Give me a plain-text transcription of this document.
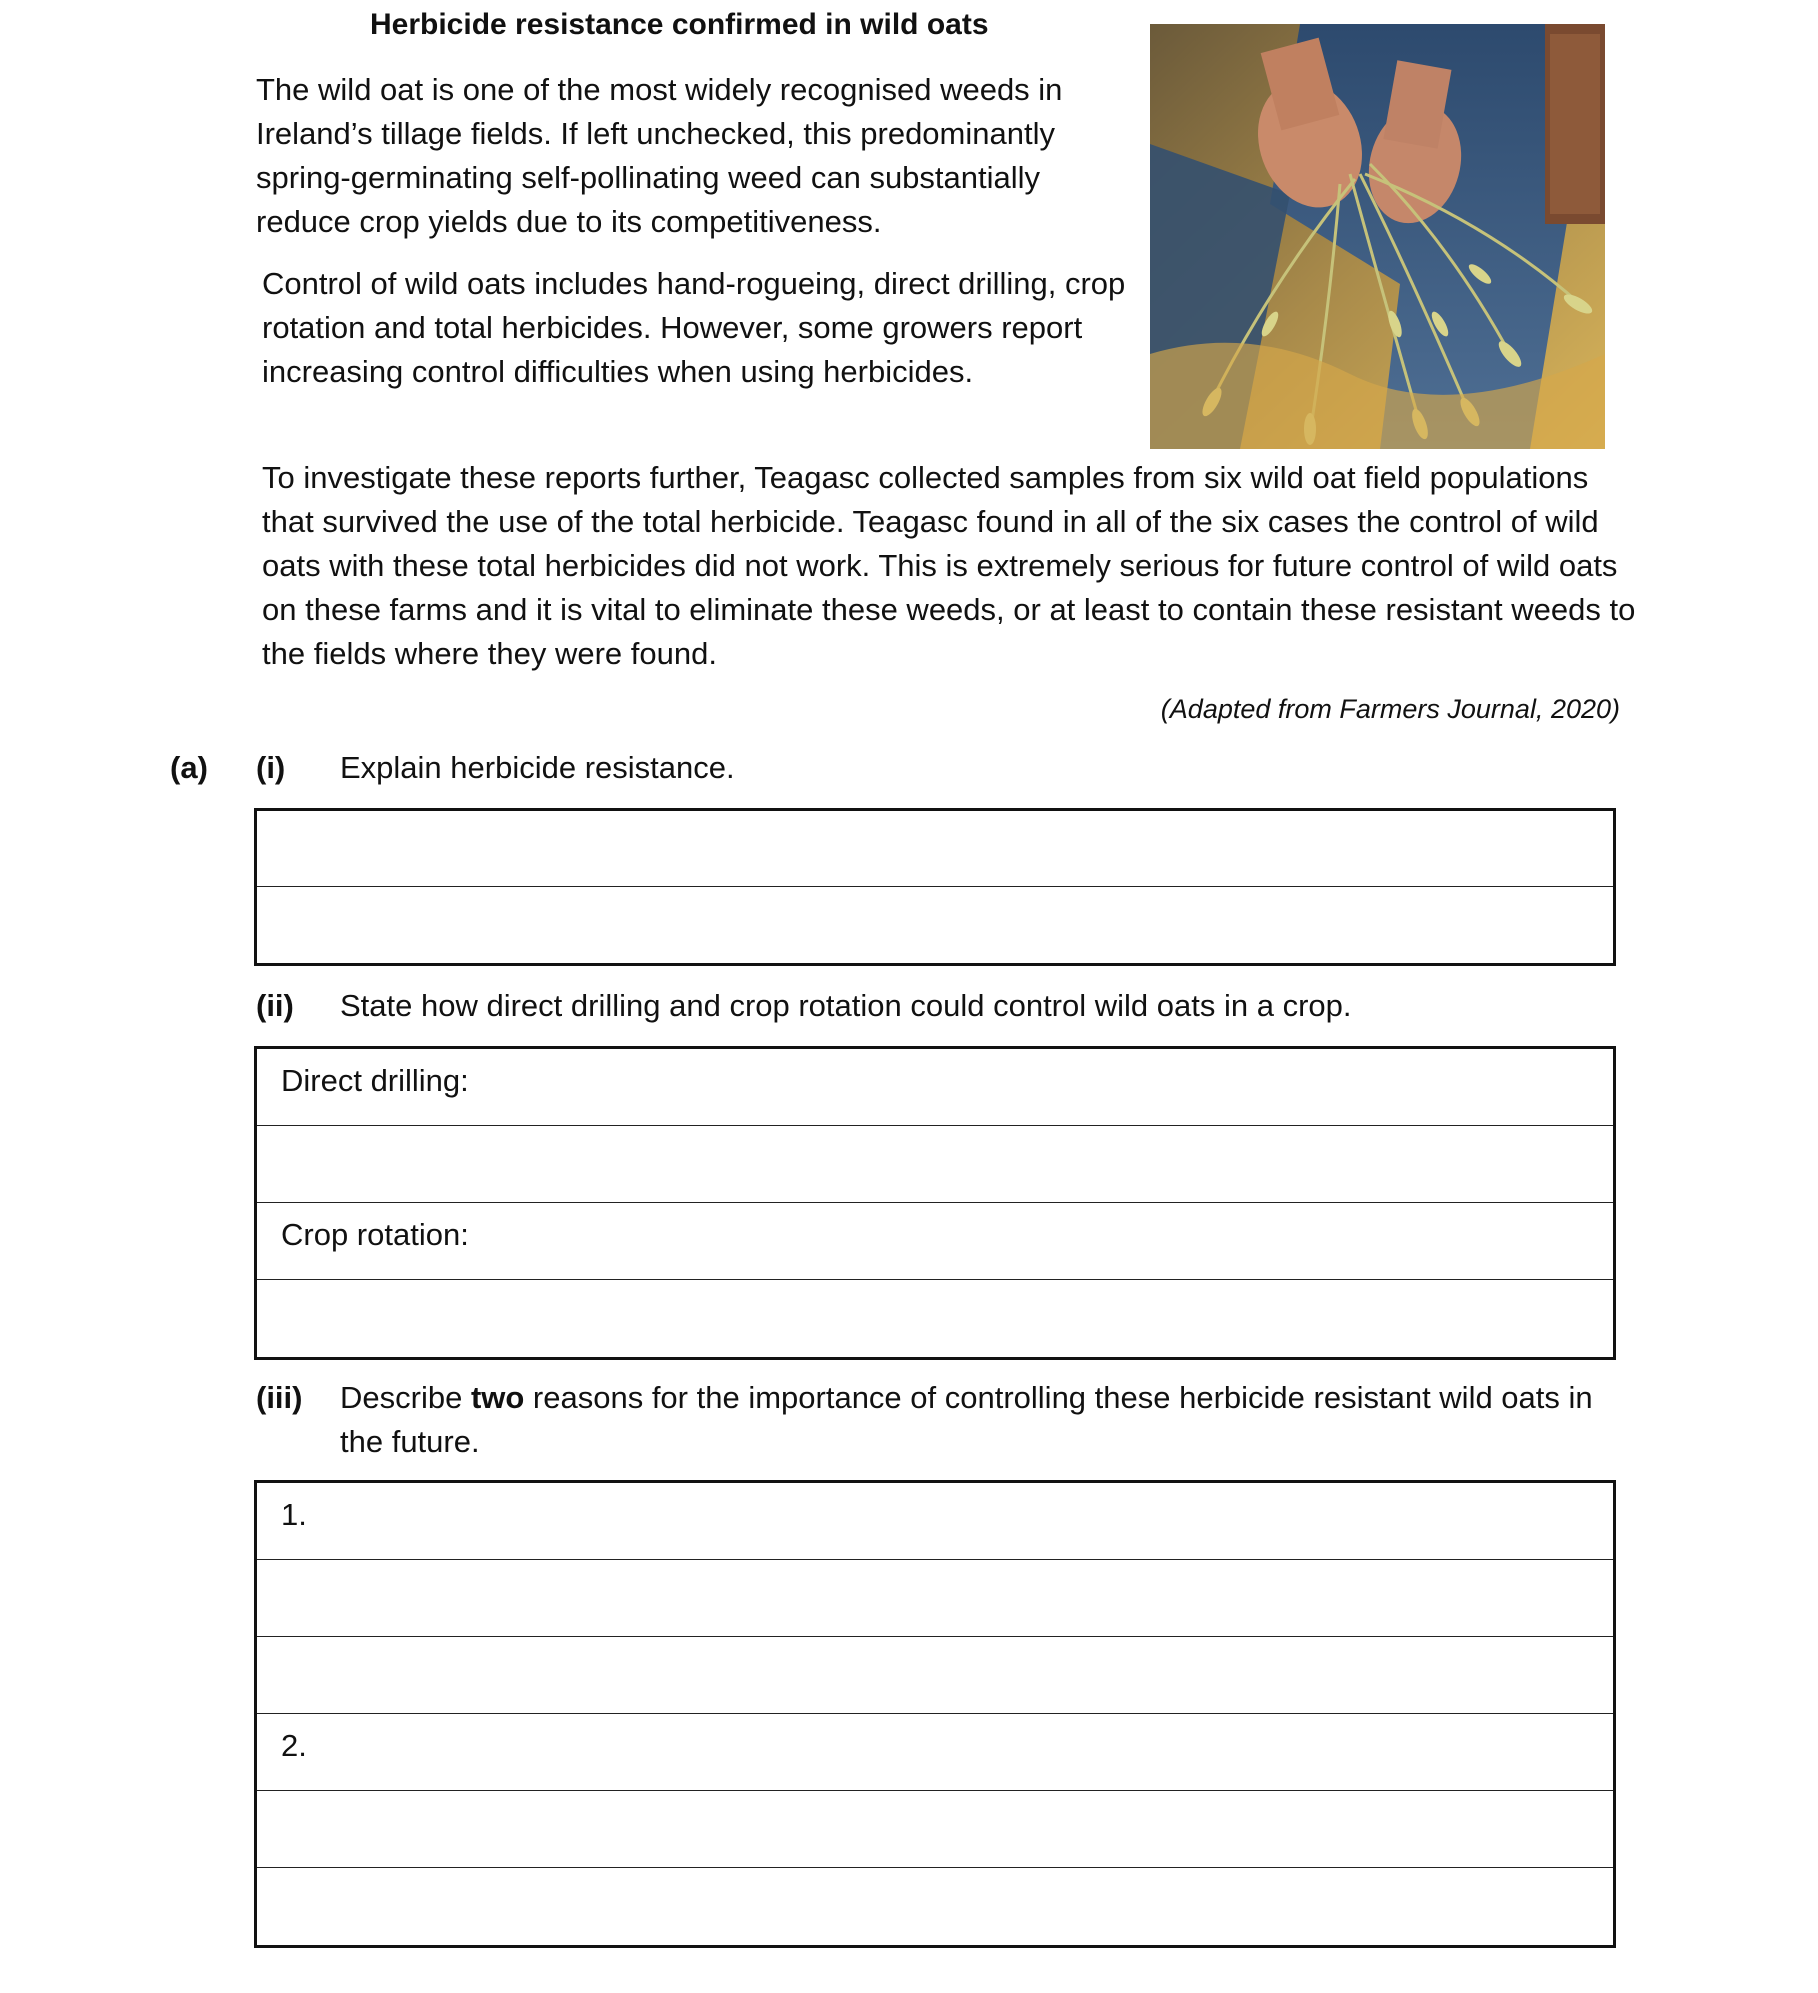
Herbicide resistance confirmed in wild oats

The wild oat is one of the most widely recognised weeds in Ireland’s tillage fields. If left unchecked, this predominantly spring-germinating self-pollinating weed can substantially reduce crop yields due to its competitiveness.

Control of wild oats includes hand-rogueing, direct drilling, crop rotation and total herbicides. However, some growers report increasing control difficulties when using herbicides.

To investigate these reports further, Teagasc collected samples from six wild oat field populations that survived the use of the total herbicide. Teagasc found in all of the six cases the control of wild oats with these total herbicides did not work. This is extremely serious for future control of wild oats on these farms and it is vital to eliminate these weeds, or at least to contain these resistant weeds to the fields where they were found.

(Adapted from Farmers Journal, 2020)
(a) (i) Explain herbicide resistance.
(ii) State how direct drilling and crop rotation could control wild oats in a crop.
Direct drilling:
Crop rotation:
(iii) Describe two reasons for the importance of controlling these herbicide resistant wild oats in the future.
1.
2.
